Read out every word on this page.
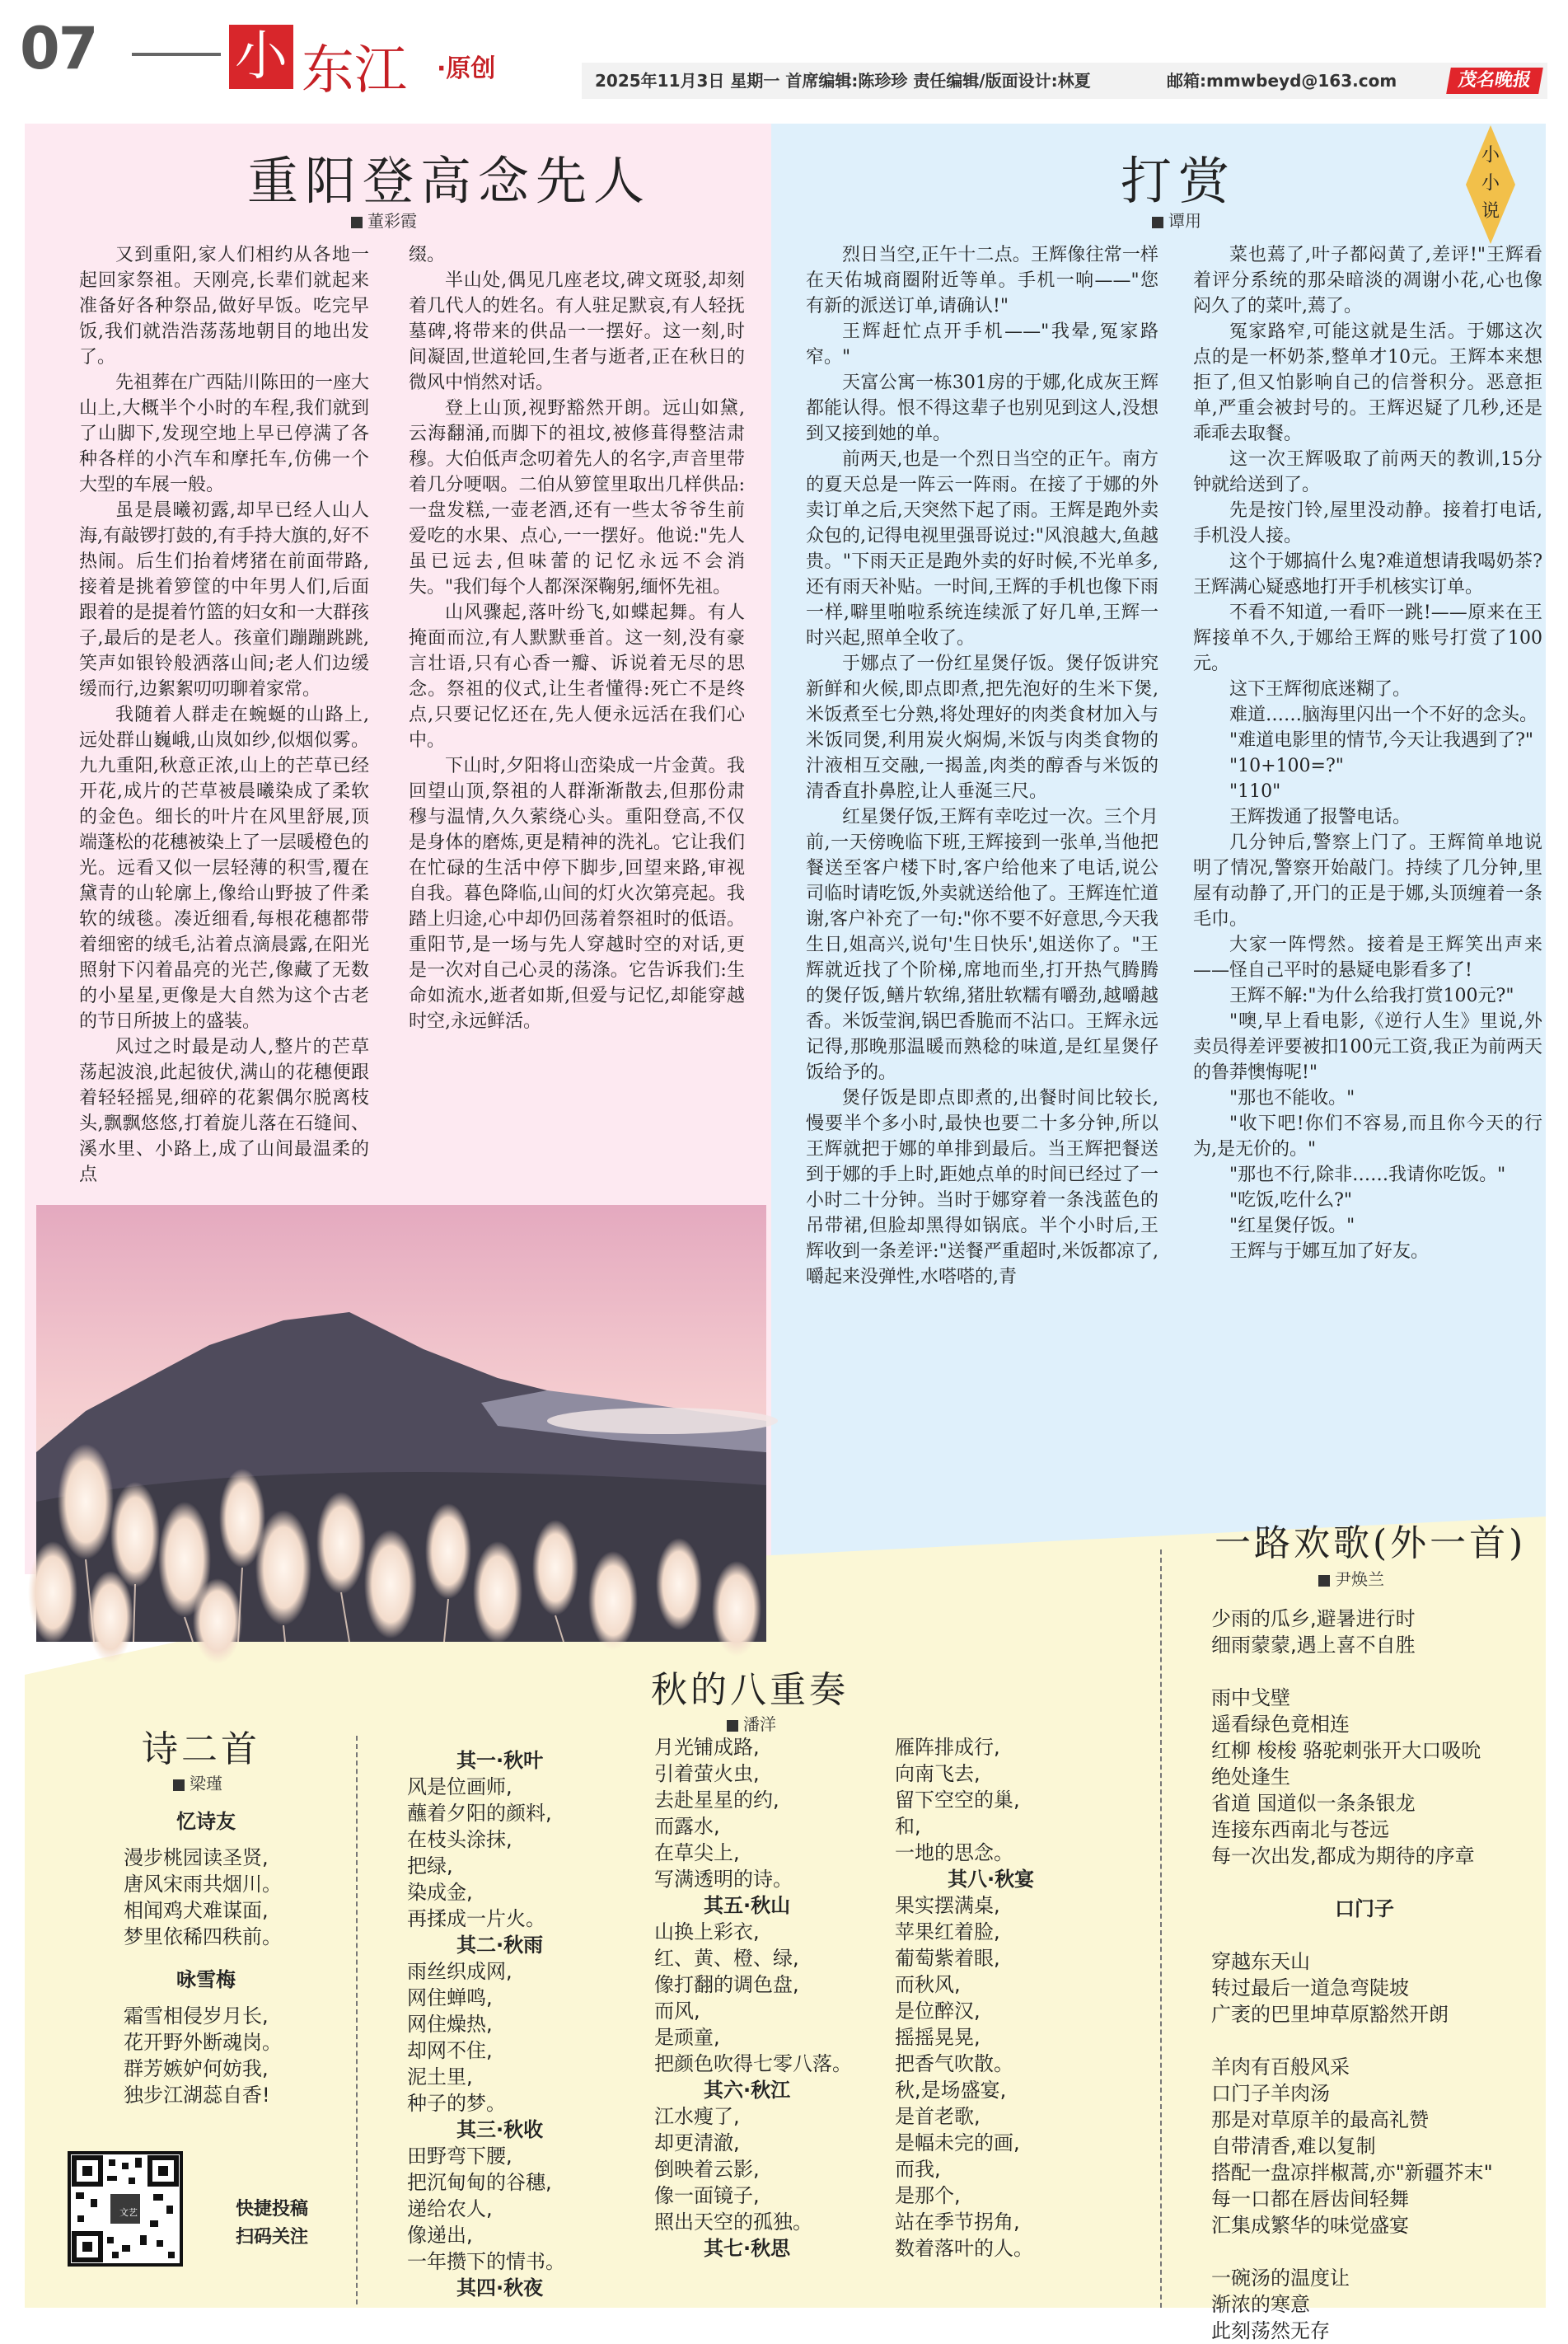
07	小 东江 ·原创	2025年11月3日 星期一 首席编辑:陈珍珍 责任编辑/版面设计:林夏	邮箱:mmwbeyd@163.com	茂名晚报
重阳登高念先人
董彩霞

又到重阳,家人们相约从各地一起回家祭祖。天刚亮,长辈们就起来准备好各种祭品,做好早饭。吃完早饭,我们就浩浩荡荡地朝目的地出发了。

先祖葬在广西陆川陈田的一座大山上,大概半个小时的车程,我们就到了山脚下,发现空地上早已停满了各种各样的小汽车和摩托车,仿佛一个大型的车展一般。

虽是晨曦初露,却早已经人山人海,有敲锣打鼓的,有手持大旗的,好不热闹。后生们抬着烤猪在前面带路,接着是挑着箩筐的中年男人们,后面跟着的是提着竹篮的妇女和一大群孩子,最后的是老人。孩童们蹦蹦跳跳,笑声如银铃般洒落山间;老人们边缓缓而行,边絮絮叨叨聊着家常。

我随着人群走在蜿蜒的山路上,远处群山巍峨,山岚如纱,似烟似雾。九九重阳,秋意正浓,山上的芒草已经开花,成片的芒草被晨曦染成了柔软的金色。细长的叶片在风里舒展,顶端蓬松的花穗被染上了一层暖橙色的光。远看又似一层轻薄的积雪,覆在黛青的山轮廓上,像给山野披了件柔软的绒毯。凑近细看,每根花穗都带着细密的绒毛,沾着点滴晨露,在阳光照射下闪着晶亮的光芒,像藏了无数的小星星,更像是大自然为这个古老的节日所披上的盛装。

风过之时最是动人,整片的芒草荡起波浪,此起彼伏,满山的花穗便跟着轻轻摇晃,细碎的花絮偶尔脱离枝头,飘飘悠悠,打着旋儿落在石缝间、溪水里、小路上,成了山间最温柔的点

缀。

半山处,偶见几座老坟,碑文斑驳,却刻着几代人的姓名。有人驻足默哀,有人轻抚墓碑,将带来的供品一一摆好。这一刻,时间凝固,世道轮回,生者与逝者,正在秋日的微风中悄然对话。

登上山顶,视野豁然开朗。远山如黛,云海翻涌,而脚下的祖坟,被修葺得整洁肃穆。大伯低声念叨着先人的名字,声音里带着几分哽咽。二伯从箩筐里取出几样供品:一盘发糕,一壶老酒,还有一些太爷爷生前爱吃的水果、点心,一一摆好。他说:"先人虽已远去,但味蕾的记忆永远不会消失。"我们每个人都深深鞠躬,缅怀先祖。

山风骤起,落叶纷飞,如蝶起舞。有人掩面而泣,有人默默垂首。这一刻,没有豪言壮语,只有心香一瓣、诉说着无尽的思念。祭祖的仪式,让生者懂得:死亡不是终点,只要记忆还在,先人便永远活在我们心中。

下山时,夕阳将山峦染成一片金黄。我回望山顶,祭祖的人群渐渐散去,但那份肃穆与温情,久久萦绕心头。重阳登高,不仅是身体的磨炼,更是精神的洗礼。它让我们在忙碌的生活中停下脚步,回望来路,审视自我。暮色降临,山间的灯火次第亮起。我踏上归途,心中却仍回荡着祭祖时的低语。重阳节,是一场与先人穿越时空的对话,更是一次对自己心灵的荡涤。它告诉我们:生命如流水,逝者如斯,但爱与记忆,却能穿越时空,永远鲜活。

打赏
谭用
小小说

烈日当空,正午十二点。王辉像往常一样在天佑城商圈附近等单。手机一响——"您有新的派送订单,请确认!"

王辉赶忙点开手机——"我晕,冤家路窄。"

天富公寓一栋301房的于娜,化成灰王辉都能认得。恨不得这辈子也别见到这人,没想到又接到她的单。

前两天,也是一个烈日当空的正午。南方的夏天总是一阵云一阵雨。在接了于娜的外卖订单之后,天突然下起了雨。王辉是跑外卖众包的,记得电视里强哥说过:"风浪越大,鱼越贵。"下雨天正是跑外卖的好时候,不光单多,还有雨天补贴。一时间,王辉的手机也像下雨一样,噼里啪啦系统连续派了好几单,王辉一时兴起,照单全收了。

于娜点了一份红星煲仔饭。煲仔饭讲究新鲜和火候,即点即煮,把先泡好的生米下煲,米饭煮至七分熟,将处理好的肉类食材加入与米饭同煲,利用炭火焖焗,米饭与肉类食物的汁液相互交融,一揭盖,肉类的醇香与米饭的清香直扑鼻腔,让人垂涎三尺。

红星煲仔饭,王辉有幸吃过一次。三个月前,一天傍晚临下班,王辉接到一张单,当他把餐送至客户楼下时,客户给他来了电话,说公司临时请吃饭,外卖就送给他了。王辉连忙道谢,客户补充了一句:"你不要不好意思,今天我生日,姐高兴,说句'生日快乐',姐送你了。"王辉就近找了个阶梯,席地而坐,打开热气腾腾的煲仔饭,鳝片软绵,猪肚软糯有嚼劲,越嚼越香。米饭莹润,锅巴香脆而不沾口。王辉永远记得,那晚那温暖而熟稔的味道,是红星煲仔饭给予的。

煲仔饭是即点即煮的,出餐时间比较长,慢要半个多小时,最快也要二十多分钟,所以王辉就把于娜的单排到最后。当王辉把餐送到于娜的手上时,距她点单的时间已经过了一小时二十分钟。当时于娜穿着一条浅蓝色的吊带裙,但脸却黑得如锅底。半个小时后,王辉收到一条差评:"送餐严重超时,米饭都凉了,嚼起来没弹性,水嗒嗒的,青

菜也蔫了,叶子都闷黄了,差评!"王辉看着评分系统的那朵暗淡的凋谢小花,心也像闷久了的菜叶,蔫了。

冤家路窄,可能这就是生活。于娜这次点的是一杯奶茶,整单才10元。王辉本来想拒了,但又怕影响自己的信誉积分。恶意拒单,严重会被封号的。王辉迟疑了几秒,还是乖乖去取餐。

这一次王辉吸取了前两天的教训,15分钟就给送到了。

先是按门铃,屋里没动静。接着打电话,手机没人接。

这个于娜搞什么鬼?难道想请我喝奶茶?王辉满心疑惑地打开手机核实订单。

不看不知道,一看吓一跳!——原来在王辉接单不久,于娜给王辉的账号打赏了100元。

这下王辉彻底迷糊了。

难道……脑海里闪出一个不好的念头。

"难道电影里的情节,今天让我遇到了?"

"10+100=?"

"110"

王辉拨通了报警电话。

几分钟后,警察上门了。王辉简单地说明了情况,警察开始敲门。持续了几分钟,里屋有动静了,开门的正是于娜,头顶缠着一条毛巾。

大家一阵愕然。接着是王辉笑出声来——怪自己平时的悬疑电影看多了!

王辉不解:"为什么给我打赏100元?"

"噢,早上看电影,《逆行人生》里说,外卖员得差评要被扣100元工资,我正为前两天的鲁莽懊悔呢!"

"那也不能收。"

"收下吧!你们不容易,而且你今天的行为,是无价的。"

"那也不行,除非……我请你吃饭。"

"吃饭,吃什么?"

"红星煲仔饭。"

王辉与于娜互加了好友。

诗二首
梁瑾
忆诗友
漫步桃园读圣贤,
唐风宋雨共烟川。
相闻鸡犬难谋面,
梦里依稀四秩前。
咏雪梅
霜雪相侵岁月长,
花开野外断魂岗。
群芳嫉妒何妨我,
独步江湖蕊自香!
文艺	快捷投稿
扫码关注
秋的八重奏
潘洋
其一·秋叶
风是位画师,
蘸着夕阳的颜料,
在枝头涂抹,
把绿,
染成金,
再揉成一片火。
其二·秋雨
雨丝织成网,
网住蝉鸣,
网住燥热,
却网不住,
泥土里,
种子的梦。
其三·秋收
田野弯下腰,
把沉甸甸的谷穗,
递给农人,
像递出,
一年攒下的情书。
其四·秋夜
月光铺成路,
引着萤火虫,
去赴星星的约,
而露水,
在草尖上,
写满透明的诗。
其五·秋山
山换上彩衣,
红、黄、橙、绿,
像打翻的调色盘,
而风,
是顽童,
把颜色吹得七零八落。
其六·秋江
江水瘦了,
却更清澈,
倒映着云影,
像一面镜子,
照出天空的孤独。
其七·秋思
雁阵排成行,
向南飞去,
留下空空的巢,
和,
一地的思念。
其八·秋宴
果实摆满桌,
苹果红着脸,
葡萄紫着眼,
而秋风,
是位醉汉,
摇摇晃晃,
把香气吹散。
秋,是场盛宴,
是首老歌,
是幅未完的画,
而我,
是那个,
站在季节拐角,
数着落叶的人。
一路欢歌(外一首)
尹焕兰
少雨的瓜乡,避暑进行时
细雨蒙蒙,遇上喜不自胜

雨中戈壁
遥看绿色竟相连
红柳 梭梭 骆驼刺张开大口吸吮
绝处逢生
省道 国道似一条条银龙
连接东西南北与苍远
每一次出发,都成为期待的序章

口门子

穿越东天山
转过最后一道急弯陡坡
广袤的巴里坤草原豁然开朗

羊肉有百般风采
口门子羊肉汤
那是对草原羊的最高礼赞
自带清香,难以复制
搭配一盘凉拌椒蒿,亦"新疆芥末"
每一口都在唇齿间轻舞
汇集成繁华的味觉盛宴

一碗汤的温度让
渐浓的寒意
此刻荡然无存
